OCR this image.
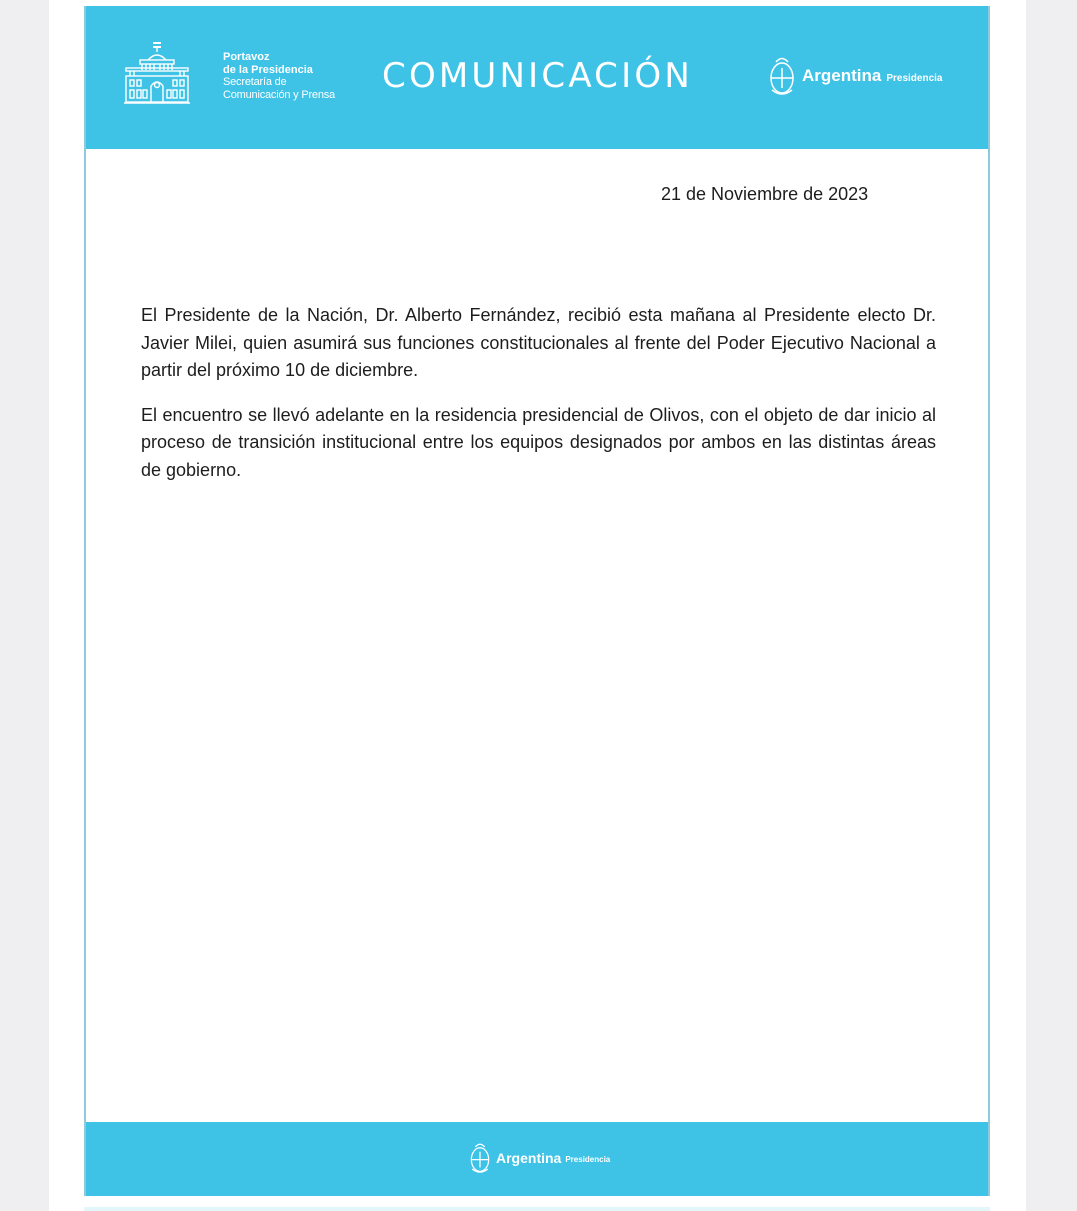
Portavoz
de la Presidencia
Secretaría de
Comunicación y Prensa COMUNICACIÓN	Argentina Presidencia
21 de Noviembre de 2023

El Presidente de la Nación, Dr. Alberto Fernández, recibió esta mañana al Presidente electo Dr. Javier Milei, quien asumirá sus funciones constitucionales al frente del Poder Ejecutivo Nacional a partir del próximo 10 de diciembre.

El encuentro se llevó adelante en la residencia presidencial de Olivos, con el objeto de dar inicio al proceso de transición institucional entre los equipos designados por ambos en las distintas áreas de gobierno.

Argentina Presidencia
